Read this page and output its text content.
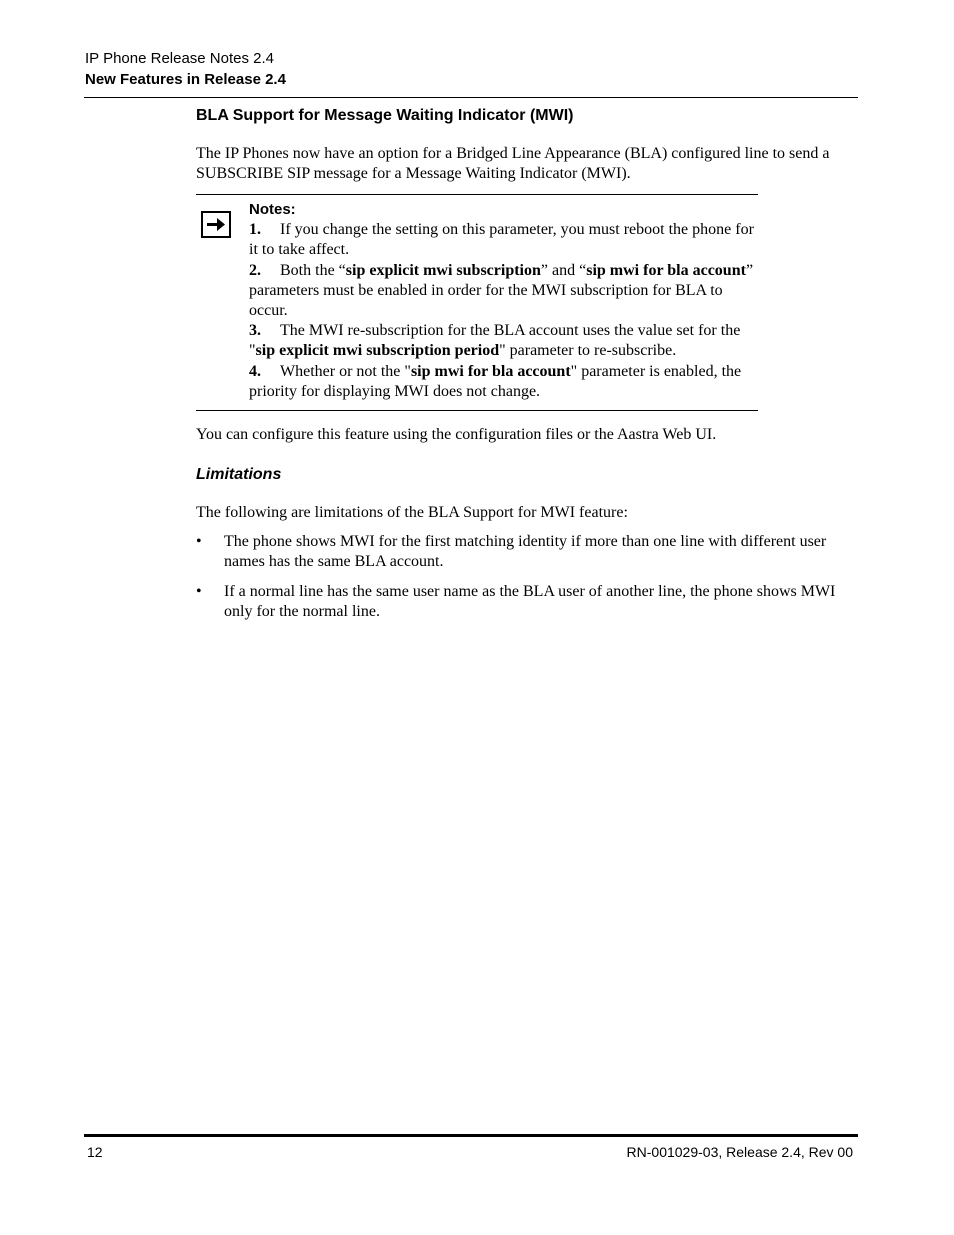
IP Phone Release Notes 2.4
New Features in Release 2.4
BLA Support for Message Waiting Indicator (MWI)
The IP Phones now have an option for a Bridged Line Appearance (BLA) configured line to send a SUBSCRIBE SIP message for a Message Waiting Indicator (MWI).
Notes:
1. If you change the setting on this parameter, you must reboot the phone for it to take affect.
2. Both the “sip explicit mwi subscription” and “sip mwi for bla account” parameters must be enabled in order for the MWI subscription for BLA to occur.
3. The MWI re-subscription for the BLA account uses the value set for the "sip explicit mwi subscription period" parameter to re-subscribe.
4. Whether or not the "sip mwi for bla account" parameter is enabled, the priority for displaying MWI does not change.
You can configure this feature using the configuration files or the Aastra Web UI.
Limitations
The following are limitations of the BLA Support for MWI feature:
• The phone shows MWI for the first matching identity if more than one line with different user names has the same BLA account.
• If a normal line has the same user name as the BLA user of another line, the phone shows MWI only for the normal line.
12	RN-001029-03, Release 2.4, Rev 00
